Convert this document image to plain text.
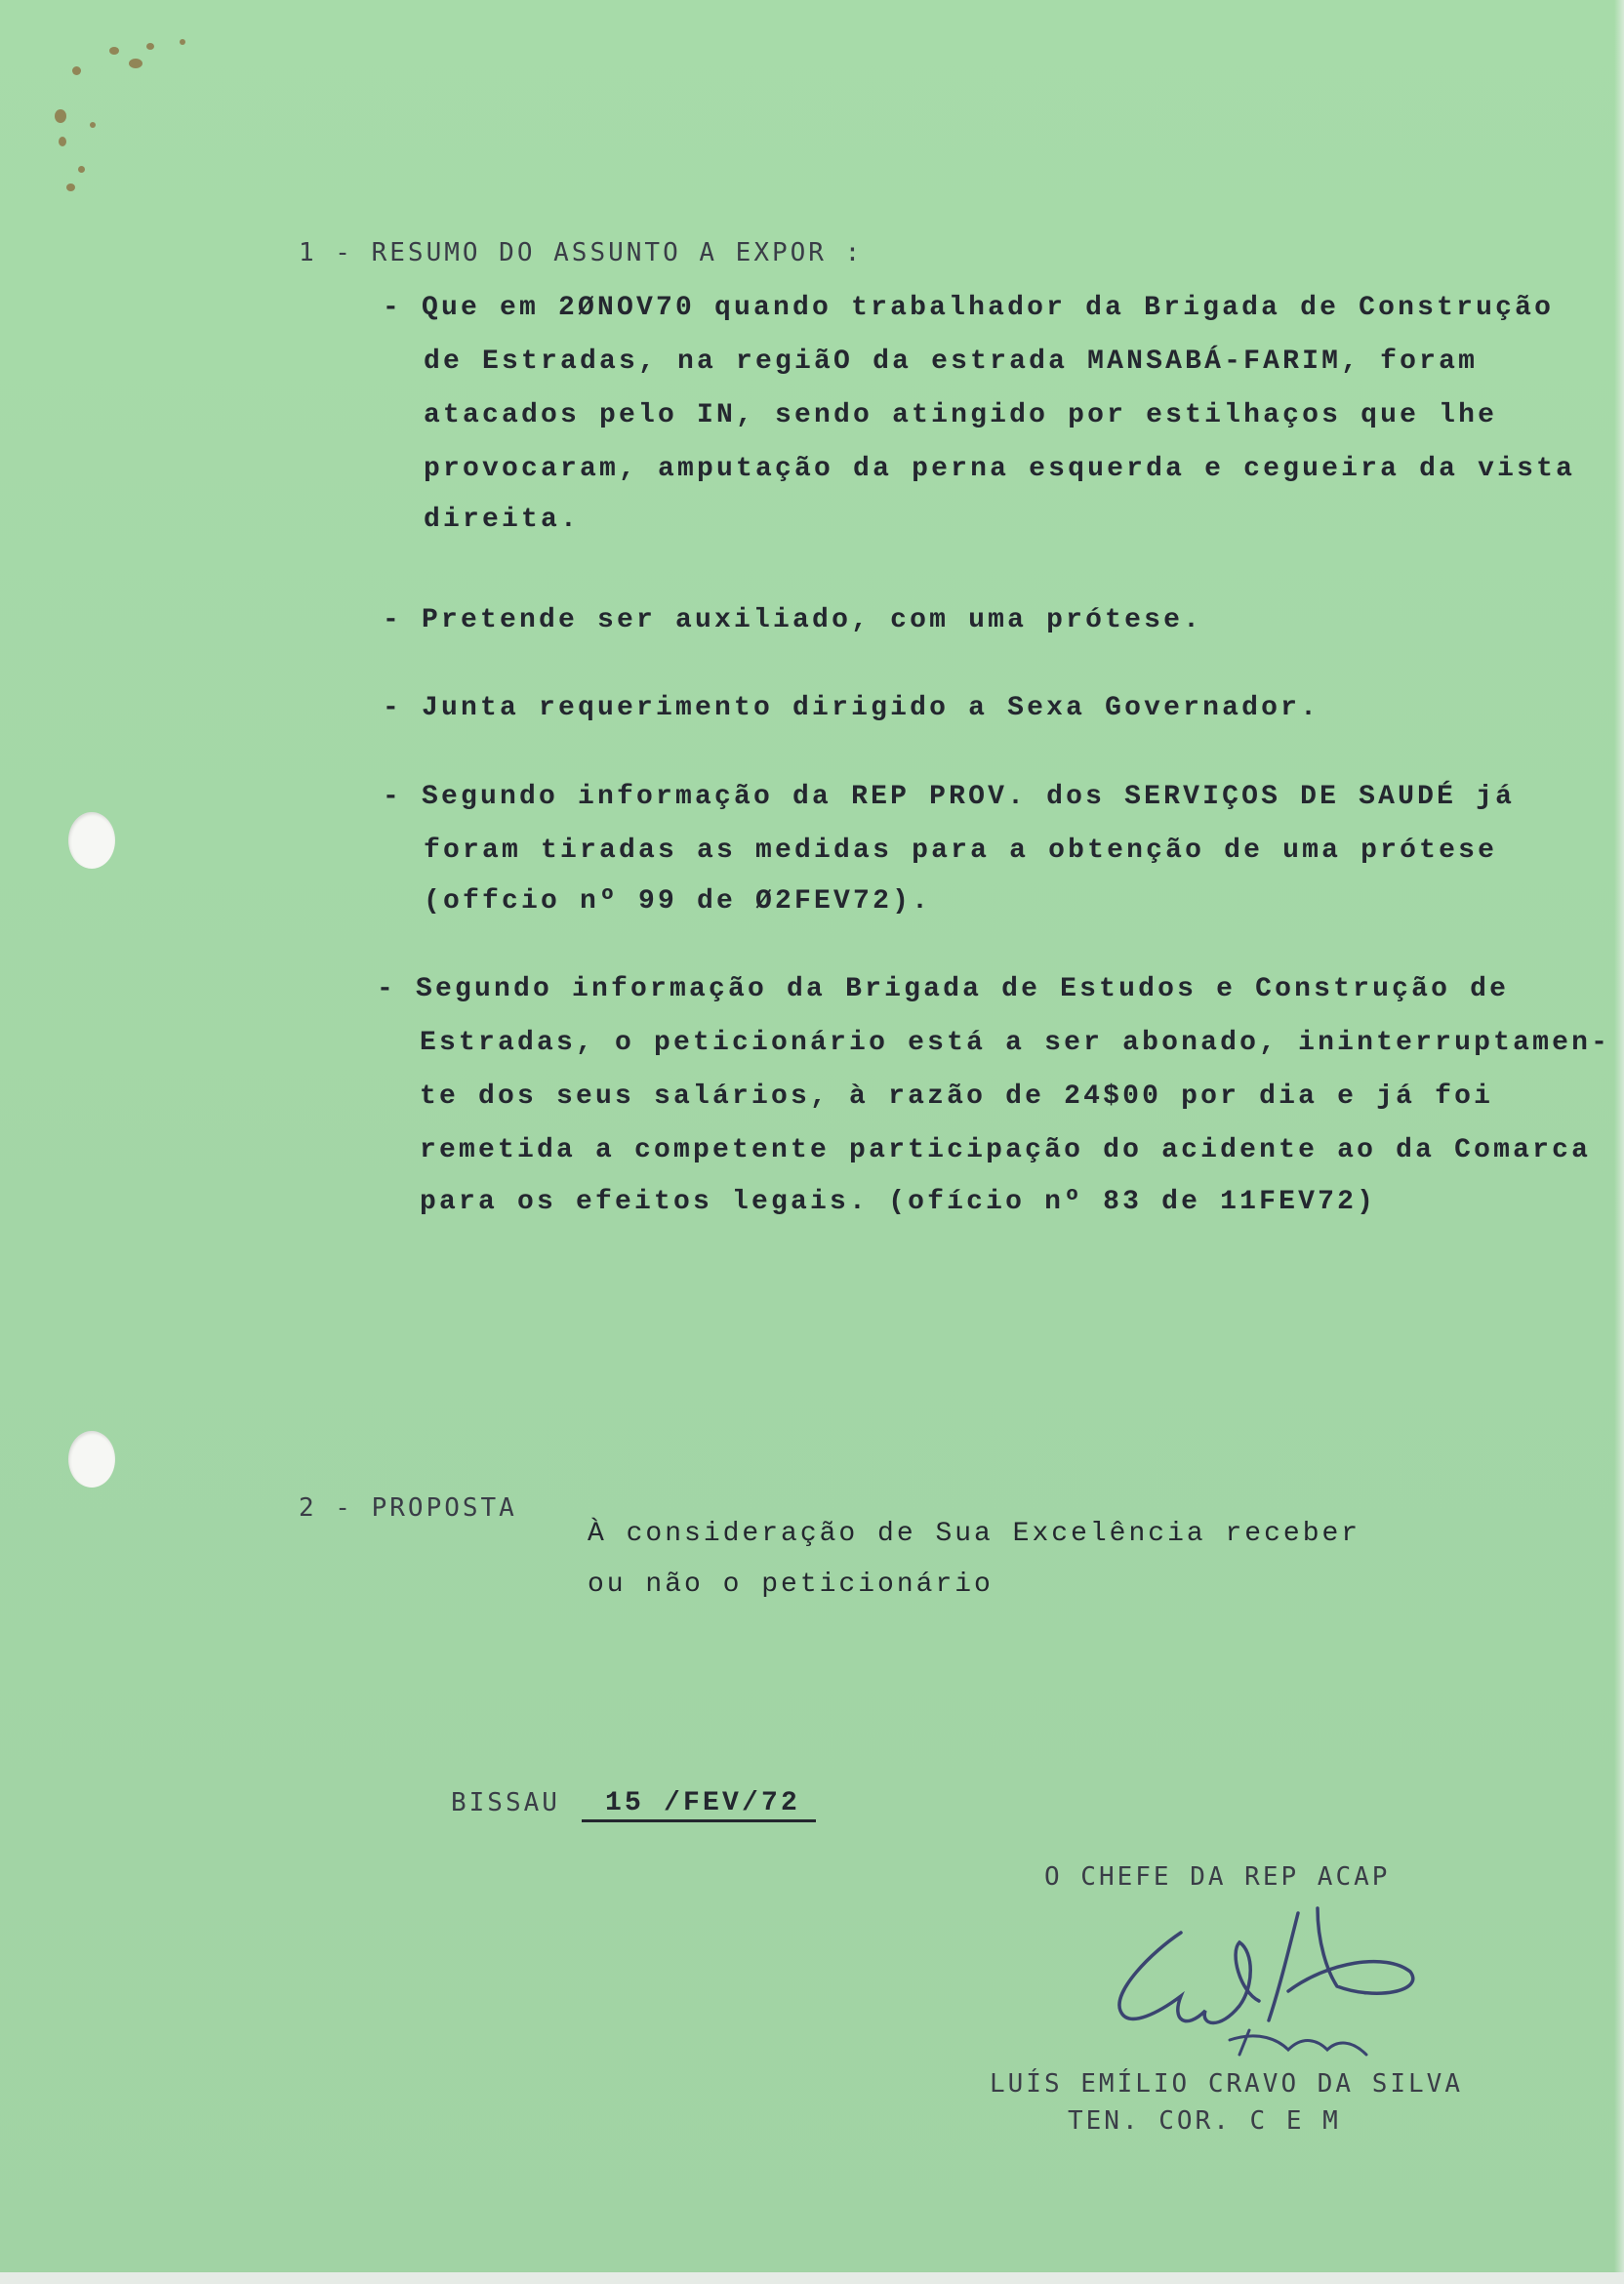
1 - RESUMO DO ASSUNTO A EXPOR :
- Que em 2ØNOV70 quando trabalhador da Brigada de Construção
de Estradas, na regiãO da estrada MANSABÁ-FARIM, foram
atacados pelo IN, sendo atingido por estilhaços que lhe
provocaram, amputação da perna esquerda e cegueira da vista
direita.
- Pretende ser auxiliado, com uma prótese.
- Junta requerimento dirigido a Sexa Governador.
- Segundo informação da REP PROV. dos SERVIÇOS DE SAUDÉ já
foram tiradas as medidas para a obtenção de uma prótese
(offcio nº 99 de Ø2FEV72).
- Segundo informação da Brigada de Estudos e Construção de
Estradas, o peticionário está a ser abonado, ininterruptamen-
te dos seus salários, à razão de 24$00 por dia e já foi
remetida a competente participação do acidente ao da Comarca
para os efeitos legais. (ofício nº 83 de 11FEV72)
2 - PROPOSTA
À consideração de Sua Excelência receber
ou não o peticionário
BISSAU	15 /FEV/72
O CHEFE DA REP ACAP
LUÍS EMÍLIO CRAVO DA SILVA
TEN. COR. C E M
